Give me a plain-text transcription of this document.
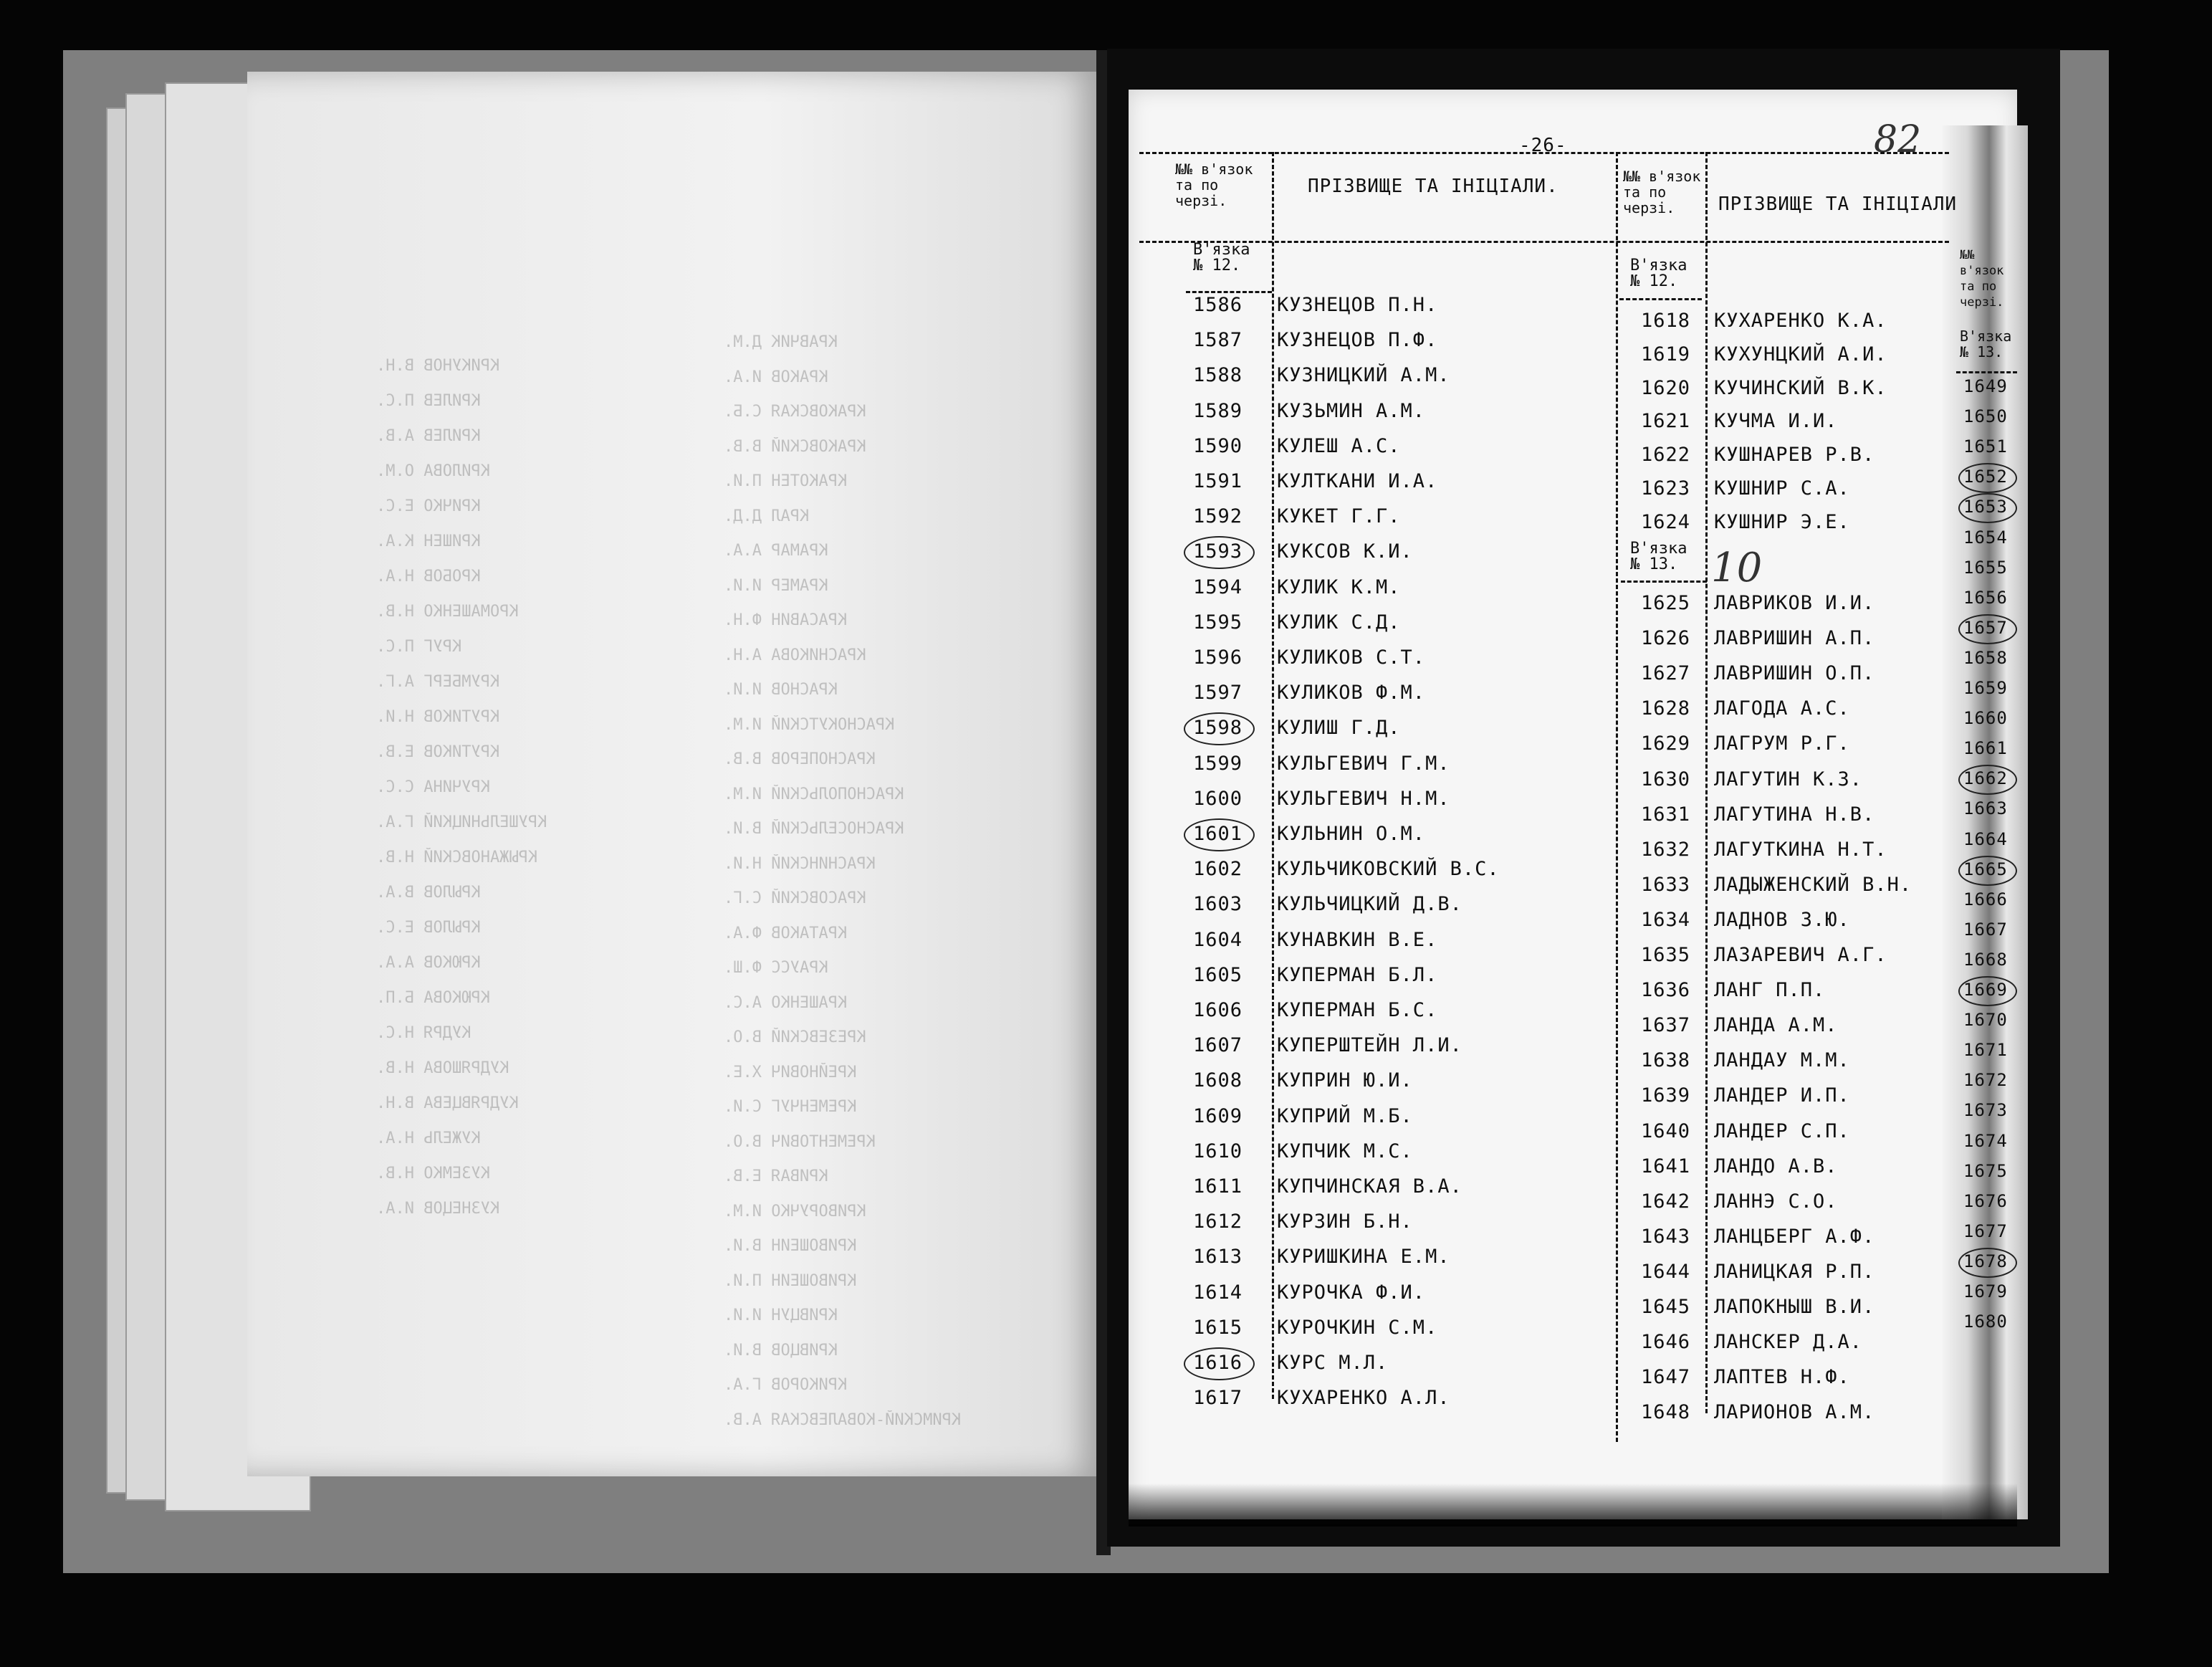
-26-	82
№№ в'язок та по черзі.
ПРІЗВИЩЕ ТА ІНІЦІАЛИ.	№№ в'язок та по черзі.	ПРІЗВИЩЕ ТА ІНІЦІАЛИ
№№ в'язок та по черзі.
В'язка № 12.	В'язка № 12.
В'язка № 13.
В'язка № 13.
10
1586 КУЗНЕЦОВ П.Н.
1587 КУЗНЕЦОВ П.Ф.
1588 КУЗНИЦКИЙ А.М.
1589 КУЗЬМИН А.М.
1590 КУЛЕШ А.С.
1591 КУЛТКАНИ И.А.
1592 КУКЕТ Г.Г.
1593 КУКСОВ К.И.
1594 КУЛИК К.М.
1595 КУЛИК С.Д.
1596 КУЛИКОВ С.Т.
1597 КУЛИКОВ Ф.М.
1598 КУЛИШ Г.Д.
1599 КУЛЬГЕВИЧ Г.М.
1600 КУЛЬГЕВИЧ Н.М.
1601 КУЛЬНИН О.М.
1602 КУЛЬЧИКОВСКИЙ В.С.
1603 КУЛЬЧИЦКИЙ Д.В.
1604 КУНАВКИН В.Е.
1605 КУПЕРМАН Б.Л.
1606 КУПЕРМАН Б.С.
1607 КУПЕРШТЕЙН Л.И.
1608 КУПРИН Ю.И.
1609 КУПРИЙ М.Б.
1610 КУПЧИК М.С.
1611 КУПЧИНСКАЯ В.А.
1612 КУРЗИН Б.Н.
1613 КУРИШКИНА Е.М.
1614 КУРОЧКА Ф.И.
1615 КУРОЧКИН С.М.
1616 КУРС М.Л.
1617 КУХАРЕНКО А.Л.
1618 КУХАРЕНКО К.А.
1619 КУХУНЦКИЙ А.И.
1620 КУЧИНСКИЙ В.К.
1621 КУЧМА И.И.
1622 КУШНАРЕВ Р.В.
1623 КУШНИР С.А.
1624 КУШНИР Э.Е.
1625 ЛАВРИКОВ И.И.
1626 ЛАВРИШИН А.П.
1627 ЛАВРИШИН О.П.
1628 ЛАГОДА А.С.
1629 ЛАГРУМ Р.Г.
1630 ЛАГУТИН К.З.
1631 ЛАГУТИНА Н.В.
1632 ЛАГУТКИНА Н.Т.
1633 ЛАДЫЖЕНСКИЙ В.Н.
1634 ЛАДНОВ З.Ю.
1635 ЛАЗАРЕВИЧ А.Г.
1636 ЛАНГ П.П.
1637 ЛАНДА А.М.
1638 ЛАНДАУ М.М.
1639 ЛАНДЕР И.П.
1640 ЛАНДЕР С.П.
1641 ЛАНДО А.В.
1642 ЛАННЭ С.О.
1643 ЛАНЦБЕРГ А.Ф.
1644 ЛАНИЦКАЯ Р.П.
1645 ЛАПОКНЫШ В.И.
1646 ЛАНСКЕР Д.А.
1647 ЛАПТЕВ Н.Ф.
1648 ЛАРИОНОВ А.М.
1649
1650
1651
1652
1653
1654
1655
1656
1657
1658
1659
1660
1661
1662
1663
1664
1665
1666
1667
1668
1669
1670
1671
1672
1673
1674
1675
1676
1677
1678
1679
1680
КРАВЧИК Д.М.
КРАКОВ И.А.
КРАКОВСКАЯ С.Б.
КРАКОВСКИЙ В.В.
КРАКОТЕН П.И.
КРАЛ Д.Д.
КРАМАР А.А.
КРАМЕР И.И.
КРАСАВИН Ф.Н.
КРАСНИКОВА А.Н.
КРАСНОВ И.И.
КРАСНОКУТСКИЙ И.М.
КРАСНОПЕРОВ В.В.
КРАСНОПОЛЬСКИЙ И.М.
КРАСНОСЕЛЬСКИЙ В.И.
КРАСНИНСКИЙ Н.И.
КРАСОВСКИЙ С.Г.
КРАТАКОВ Ф.А.
КРАУСС Ф.Ш.
КРАШЕНКО А.С.
КРЕЗЕВСКИЙ В.О.
КРЕЙНОВИЧ Х.Е.
КРЕМЕНЧУГ С.И.
КРЕМЕНТОВИЧ В.О.
КРИВАЯ Е.В.
КРИВОРУЧКО И.М.
КРИВОШЕИН В.И.
КРИВОШЕИН П.И.
КРИВЦУН И.И.
КРИВЦОВ В.И.
КРИКОРОВ Г.А.
КРИМСКИЙ-КОВАЛЕВСКАЯ А.В.
КРИКУНОВ В.Н.
КРИЛЕВ П.С.
КРИЛЕВ А.В.
КРИЛОВА О.М.
КРИЧКО Е.С.
КРИШЕН К.А.
КРОБОВ Н.А.
КРОМАШЕНКО Н.В.
КРУГ П.С.
КРУМБЕРГ А.Г.
КРУТИКОВ Н.И.
КРУТИКОВ Е.В.
КРУЧИНА С.С.
КРУШЕЛЬНИЦКИЙ Г.А.
КРЫЖАНОВСКИЙ Н.В.
КРЫЛОВ В.А.
КРЫЛОВ Е.С.
КРЮКОВ А.А.
КРЮКОВА Б.П.
КУДРЯ Н.С.
КУДРЯШОВА Н.В.
КУДРЯВЦЕВА В.Н.
КУЖЕЛЬ Н.А.
КУЗЕМКО Н.В.
КУЗНЕЦОВ И.А.
